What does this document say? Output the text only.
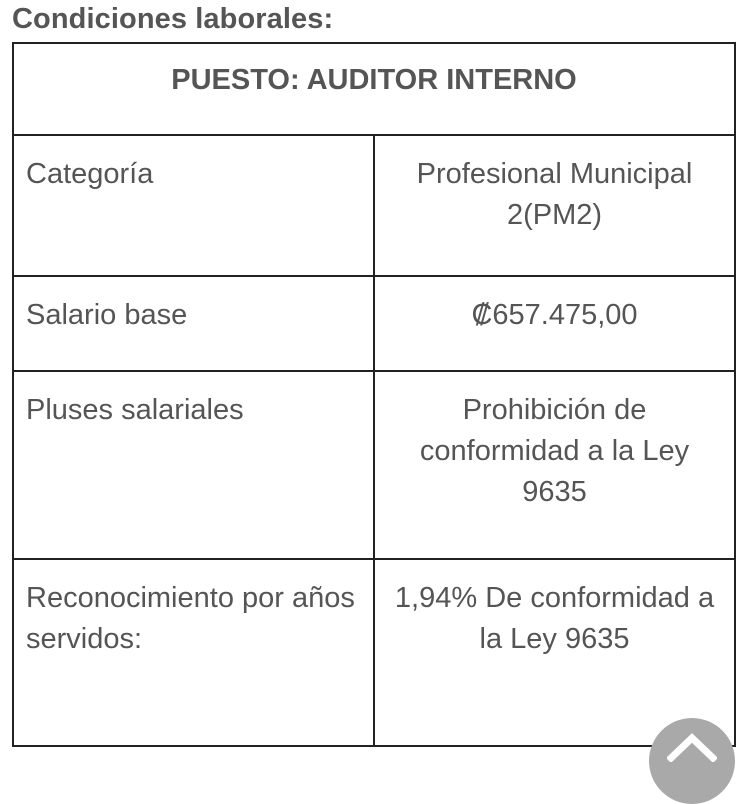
Condiciones laborales:
PUESTO: AUDITOR INTERNO	
Categoría	Profesional Municipal 2(PM2)
Salario base	₡657.475,00
Pluses salariales	Prohibición de conformidad a la Ley 9635
Reconocimiento por años servidos:	1,94% De conformidad a la Ley 9635
